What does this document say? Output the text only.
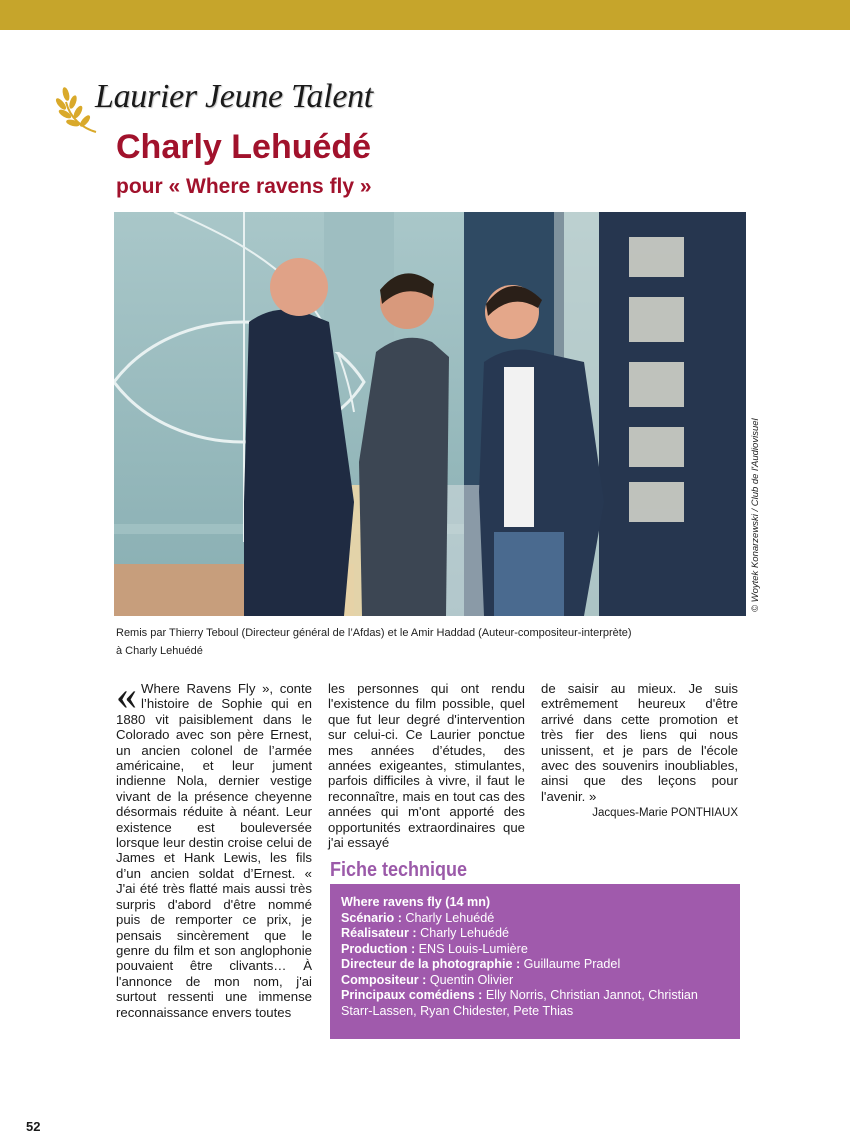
Laurier Jeune Talent
Charly Lehuédé
pour « Where ravens fly »
© Woytek Konarzewski / Club de l'Audiovisuel

Remis par Thierry Teboul (Directeur général de l’Afdas) et le Amir Haddad (Auteur-compositeur-interprète)

à Charly Lehuédé

« Where Ravens Fly », conte l’histoire de Sophie qui en 1880 vit paisiblement dans le Colorado avec son père Ernest, un ancien colonel de l’armée américaine, et leur jument indienne Nola, dernier vestige vivant de la présence cheyenne désormais réduite à néant. Leur existence est bouleversée lorsque leur destin croise celui de James et Hank Lewis, les fils d’un ancien soldat d’Ernest. « J'ai été très flatté mais aussi très surpris d'abord d'être nommé puis de remporter ce prix, je pensais sincèrement que le genre du film et son anglophonie pouvaient être clivants… À l'annonce de mon nom, j'ai surtout ressenti une immense reconnaissance envers toutes

les personnes qui ont rendu l'existence du film possible, quel que fut leur degré d'intervention sur celui-ci. Ce Laurier ponctue mes années d’études, des années exigeantes, stimulantes, parfois difficiles à vivre, il faut le reconnaître, mais en tout cas des années qui m'ont apporté des opportunités extraordinaires que j'ai essayé

de saisir au mieux. Je suis extrêmement heureux d'être arrivé dans cette promotion et très fier des liens qui nous unissent, et je pars de l'école avec des souvenirs inoubliables, ainsi que des leçons pour l'avenir. »

Jacques-Marie PONTHIAUX

Fiche technique

Where ravens fly (14 mn)

Scénario : Charly Lehuédé

Réalisateur : Charly Lehuédé

Production : ENS Louis-Lumière

Directeur de la photographie : Guillaume Pradel

Compositeur : Quentin Olivier

Principaux comédiens : Elly Norris, Christian Jannot, Christian Starr-Lassen, Ryan Chidester, Pete Thias

52
